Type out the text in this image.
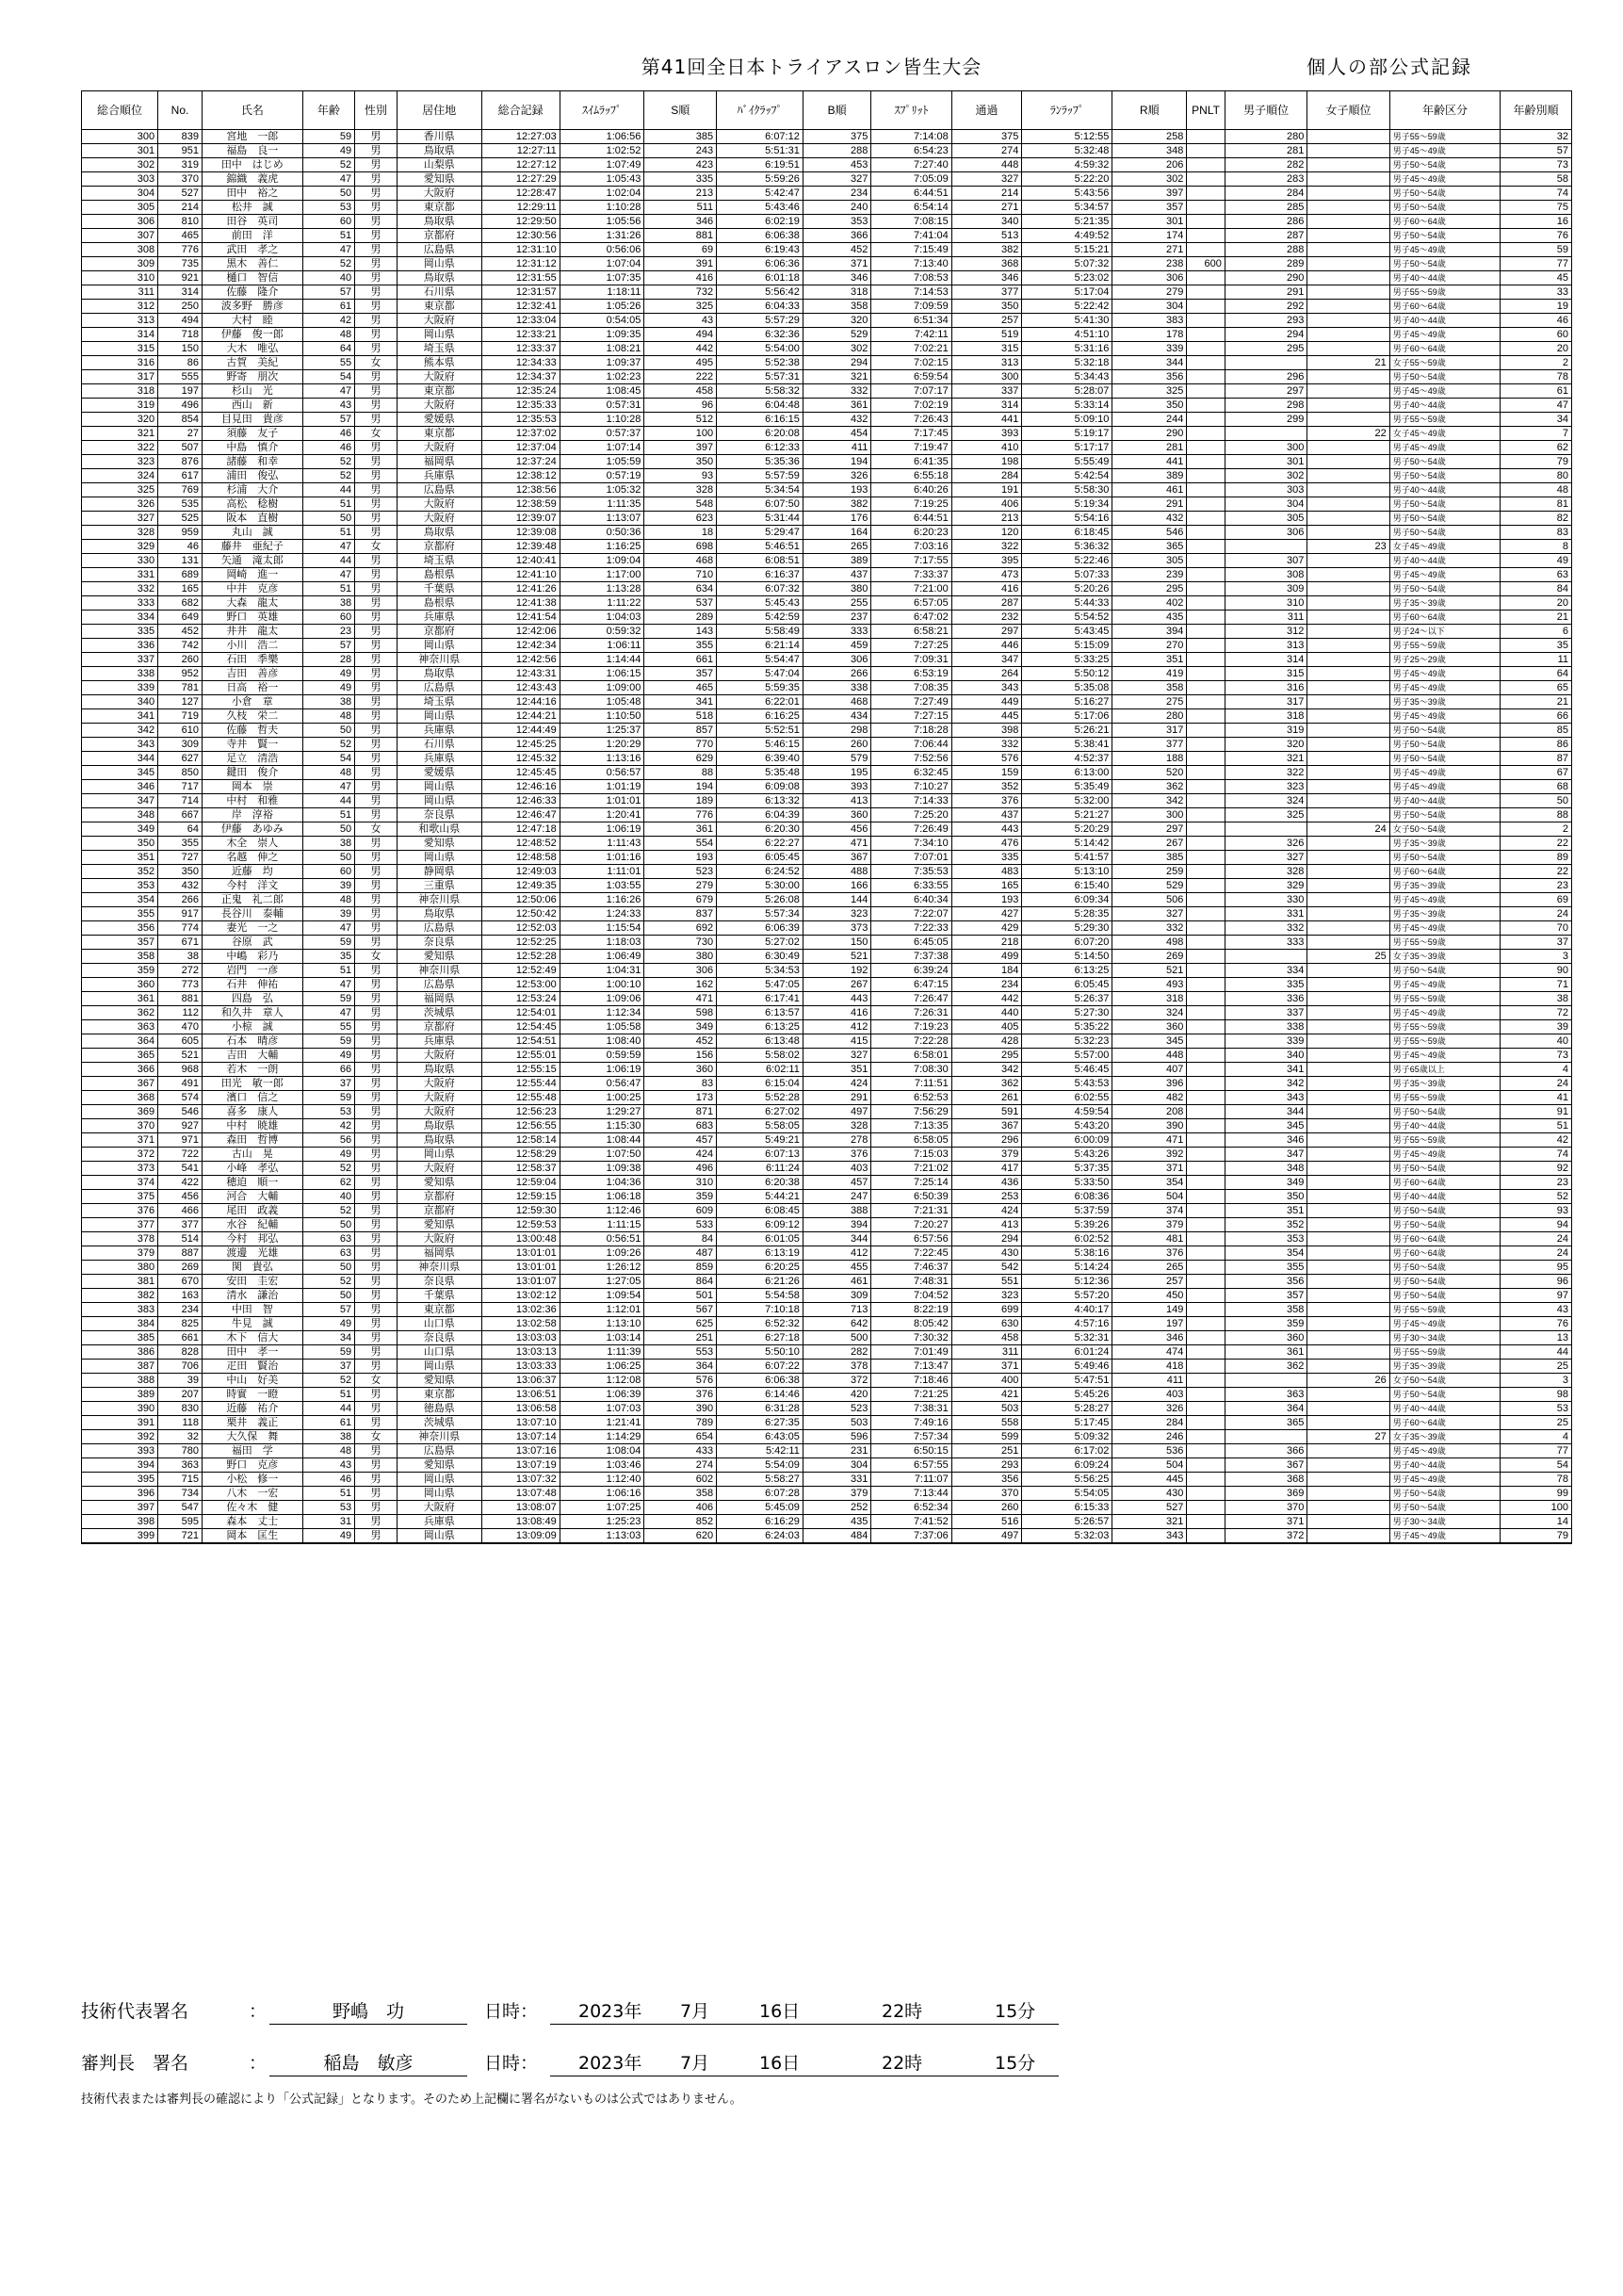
第41回全日本トライアスロン皆生大会	個人の部公式記録
総合順位	No.	氏名	年齢	性別	居住地	総合記録	ｽｲﾑﾗｯﾌﾟ	S順	ﾊﾞｲｸﾗｯﾌﾟ	B順	ｽﾌﾟﾘｯﾄ	通過	ﾗﾝﾗｯﾌﾟ	R順	PNLT	男子順位	女子順位	年齢区分	年齢別順
300	839	宮地　一郎	59	男	香川県	12:27:03	1:06:56	385	6:07:12	375	7:14:08	375	5:12:55	258		280		男子55〜59歳	32
301	951	福島　良一	49	男	鳥取県	12:27:11	1:02:52	243	5:51:31	288	6:54:23	274	5:32:48	348		281		男子45〜49歳	57
302	319	田中　はじめ	52	男	山梨県	12:27:12	1:07:49	423	6:19:51	453	7:27:40	448	4:59:32	206		282		男子50〜54歳	73
303	370	錦織　義虎	47	男	愛知県	12:27:29	1:05:43	335	5:59:26	327	7:05:09	327	5:22:20	302		283		男子45〜49歳	58
304	527	田中　裕之	50	男	大阪府	12:28:47	1:02:04	213	5:42:47	234	6:44:51	214	5:43:56	397		284		男子50〜54歳	74
305	214	松井　誠	53	男	東京都	12:29:11	1:10:28	511	5:43:46	240	6:54:14	271	5:34:57	357		285		男子50〜54歳	75
306	810	田谷　英司	60	男	鳥取県	12:29:50	1:05:56	346	6:02:19	353	7:08:15	340	5:21:35	301		286		男子60〜64歳	16
307	465	前田　洋	51	男	京都府	12:30:56	1:31:26	881	6:06:38	366	7:41:04	513	4:49:52	174		287		男子50〜54歳	76
308	776	武田　孝之	47	男	広島県	12:31:10	0:56:06	69	6:19:43	452	7:15:49	382	5:15:21	271		288		男子45〜49歳	59
309	735	黒木　善仁	52	男	岡山県	12:31:12	1:07:04	391	6:06:36	371	7:13:40	368	5:07:32	238	600	289		男子50〜54歳	77
310	921	樋口　智信	40	男	鳥取県	12:31:55	1:07:35	416	6:01:18	346	7:08:53	346	5:23:02	306		290		男子40〜44歳	45
311	314	佐藤　隆介	57	男	石川県	12:31:57	1:18:11	732	5:56:42	318	7:14:53	377	5:17:04	279		291		男子55〜59歳	33
312	250	波多野　勝彦	61	男	東京都	12:32:41	1:05:26	325	6:04:33	358	7:09:59	350	5:22:42	304		292		男子60〜64歳	19
313	494	大村　睦	42	男	大阪府	12:33:04	0:54:05	43	5:57:29	320	6:51:34	257	5:41:30	383		293		男子40〜44歳	46
314	718	伊藤　俊一郎	48	男	岡山県	12:33:21	1:09:35	494	6:32:36	529	7:42:11	519	4:51:10	178		294		男子45〜49歳	60
315	150	大木　唯弘	64	男	埼玉県	12:33:37	1:08:21	442	5:54:00	302	7:02:21	315	5:31:16	339		295		男子60〜64歳	20
316	86	古賀　美紀	55	女	熊本県	12:34:33	1:09:37	495	5:52:38	294	7:02:15	313	5:32:18	344			21	女子55〜59歳	2
317	555	野寄　朋次	54	男	大阪府	12:34:37	1:02:23	222	5:57:31	321	6:59:54	300	5:34:43	356		296		男子50〜54歳	78
318	197	杉山　光	47	男	東京都	12:35:24	1:08:45	458	5:58:32	332	7:07:17	337	5:28:07	325		297		男子45〜49歳	61
319	496	西山　新	43	男	大阪府	12:35:33	0:57:31	96	6:04:48	361	7:02:19	314	5:33:14	350		298		男子40〜44歳	47
320	854	目見田　貴彦	57	男	愛媛県	12:35:53	1:10:28	512	6:16:15	432	7:26:43	441	5:09:10	244		299		男子55〜59歳	34
321	27	須藤　友子	46	女	東京都	12:37:02	0:57:37	100	6:20:08	454	7:17:45	393	5:19:17	290			22	女子45〜49歳	7
322	507	中島　慎介	46	男	大阪府	12:37:04	1:07:14	397	6:12:33	411	7:19:47	410	5:17:17	281		300		男子45〜49歳	62
323	876	諸藤　和幸	52	男	福岡県	12:37:24	1:05:59	350	5:35:36	194	6:41:35	198	5:55:49	441		301		男子50〜54歳	79
324	617	浦田　俊弘	52	男	兵庫県	12:38:12	0:57:19	93	5:57:59	326	6:55:18	284	5:42:54	389		302		男子50〜54歳	80
325	769	杉浦　大介	44	男	広島県	12:38:56	1:05:32	328	5:34:54	193	6:40:26	191	5:58:30	461		303		男子40〜44歳	48
326	535	高松　稔樹	51	男	大阪府	12:38:59	1:11:35	548	6:07:50	382	7:19:25	406	5:19:34	291		304		男子50〜54歳	81
327	525	阪本　直樹	50	男	大阪府	12:39:07	1:13:07	623	5:31:44	176	6:44:51	213	5:54:16	432		305		男子50〜54歳	82
328	959	丸山　誠	51	男	鳥取県	12:39:08	0:50:36	18	5:29:47	164	6:20:23	120	6:18:45	546		306		男子50〜54歳	83
329	46	藤井　亜紀子	47	女	京都府	12:39:48	1:16:25	698	5:46:51	265	7:03:16	322	5:36:32	365			23	女子45〜49歳	8
330	131	矢通　滝太郎	44	男	埼玉県	12:40:41	1:09:04	468	6:08:51	389	7:17:55	395	5:22:46	305		307		男子40〜44歳	49
331	689	岡崎　進一	47	男	島根県	12:41:10	1:17:00	710	6:16:37	437	7:33:37	473	5:07:33	239		308		男子45〜49歳	63
332	165	中井　克彦	51	男	千葉県	12:41:26	1:13:28	634	6:07:32	380	7:21:00	416	5:20:26	295		309		男子50〜54歳	84
333	682	大森　龍太	38	男	島根県	12:41:38	1:11:22	537	5:45:43	255	6:57:05	287	5:44:33	402		310		男子35〜39歳	20
334	649	野口　英雄	60	男	兵庫県	12:41:54	1:04:03	289	5:42:59	237	6:47:02	232	5:54:52	435		311		男子60〜64歳	21
335	452	井井　龍太	23	男	京都府	12:42:06	0:59:32	143	5:58:49	333	6:58:21	297	5:43:45	394		312		男子24〜以下	6
336	742	小川　浩二	57	男	岡山県	12:42:34	1:06:11	355	6:21:14	459	7:27:25	446	5:15:09	270		313		男子55〜59歳	35
337	260	石田　季樂	28	男	神奈川県	12:42:56	1:14:44	661	5:54:47	306	7:09:31	347	5:33:25	351		314		男子25〜29歳	11
338	952	吉田　善彦	49	男	鳥取県	12:43:31	1:06:15	357	5:47:04	266	6:53:19	264	5:50:12	419		315		男子45〜49歳	64
339	781	日高　裕一	49	男	広島県	12:43:43	1:09:00	465	5:59:35	338	7:08:35	343	5:35:08	358		316		男子45〜49歳	65
340	127	小倉　章	38	男	埼玉県	12:44:16	1:05:48	341	6:22:01	468	7:27:49	449	5:16:27	275		317		男子35〜39歳	21
341	719	久枝　栄二	48	男	岡山県	12:44:21	1:10:50	518	6:16:25	434	7:27:15	445	5:17:06	280		318		男子45〜49歳	66
342	610	佐藤　哲夫	50	男	兵庫県	12:44:49	1:25:37	857	5:52:51	298	7:18:28	398	5:26:21	317		319		男子50〜54歳	85
343	309	寺井　賢一	52	男	石川県	12:45:25	1:20:29	770	5:46:15	260	7:06:44	332	5:38:41	377		320		男子50〜54歳	86
344	627	足立　清浩	54	男	兵庫県	12:45:32	1:13:16	629	6:39:40	579	7:52:56	576	4:52:37	188		321		男子50〜54歳	87
345	850	鍵田　俊介	48	男	愛媛県	12:45:45	0:56:57	88	5:35:48	195	6:32:45	159	6:13:00	520		322		男子45〜49歳	67
346	717	岡本　崇	47	男	岡山県	12:46:16	1:01:19	194	6:09:08	393	7:10:27	352	5:35:49	362		323		男子45〜49歳	68
347	714	中村　和雅	44	男	岡山県	12:46:33	1:01:01	189	6:13:32	413	7:14:33	376	5:32:00	342		324		男子40〜44歳	50
348	667	岸　淳裕	51	男	奈良県	12:46:47	1:20:41	776	6:04:39	360	7:25:20	437	5:21:27	300		325		男子50〜54歳	88
349	64	伊藤　あゆみ	50	女	和歌山県	12:47:18	1:06:19	361	6:20:30	456	7:26:49	443	5:20:29	297			24	女子50〜54歳	2
350	355	木全　崇人	38	男	愛知県	12:48:52	1:11:43	554	6:22:27	471	7:34:10	476	5:14:42	267		326		男子35〜39歳	22
351	727	名越　伸之	50	男	岡山県	12:48:58	1:01:16	193	6:05:45	367	7:07:01	335	5:41:57	385		327		男子50〜54歳	89
352	350	近藤　均	60	男	静岡県	12:49:03	1:11:01	523	6:24:52	488	7:35:53	483	5:13:10	259		328		男子60〜64歳	22
353	432	今村　洋文	39	男	三重県	12:49:35	1:03:55	279	5:30:00	166	6:33:55	165	6:15:40	529		329		男子35〜39歳	23
354	266	正鬼　礼二郎	48	男	神奈川県	12:50:06	1:16:26	679	5:26:08	144	6:40:34	193	6:09:34	506		330		男子45〜49歳	69
355	917	長谷川　泰輔	39	男	鳥取県	12:50:42	1:24:33	837	5:57:34	323	7:22:07	427	5:28:35	327		331		男子35〜39歳	24
356	774	妻光　一之	47	男	広島県	12:52:03	1:15:54	692	6:06:39	373	7:22:33	429	5:29:30	332		332		男子45〜49歳	70
357	671	谷原　武	59	男	奈良県	12:52:25	1:18:03	730	5:27:02	150	6:45:05	218	6:07:20	498		333		男子55〜59歳	37
358	38	中嶋　彩乃	35	女	愛知県	12:52:28	1:06:49	380	6:30:49	521	7:37:38	499	5:14:50	269			25	女子35〜39歳	3
359	272	岩門　一彦	51	男	神奈川県	12:52:49	1:04:31	306	5:34:53	192	6:39:24	184	6:13:25	521		334		男子50〜54歳	90
360	773	石井　伸祐	47	男	広島県	12:53:00	1:00:10	162	5:47:05	267	6:47:15	234	6:05:45	493		335		男子45〜49歳	71
361	881	四島　弘	59	男	福岡県	12:53:24	1:09:06	471	6:17:41	443	7:26:47	442	5:26:37	318		336		男子55〜59歳	38
362	112	和久井　章人	47	男	茨城県	12:54:01	1:12:34	598	6:13:57	416	7:26:31	440	5:27:30	324		337		男子45〜49歳	72
363	470	小椋　誠	55	男	京都府	12:54:45	1:05:58	349	6:13:25	412	7:19:23	405	5:35:22	360		338		男子55〜59歳	39
364	605	石本　晴彦	59	男	兵庫県	12:54:51	1:08:40	452	6:13:48	415	7:22:28	428	5:32:23	345		339		男子55〜59歳	40
365	521	吉田　大輔	49	男	大阪府	12:55:01	0:59:59	156	5:58:02	327	6:58:01	295	5:57:00	448		340		男子45〜49歳	73
366	968	若木　一朗	66	男	鳥取県	12:55:15	1:06:19	360	6:02:11	351	7:08:30	342	5:46:45	407		341		男子65歳以上	4
367	491	田光　敏一郎	37	男	大阪府	12:55:44	0:56:47	83	6:15:04	424	7:11:51	362	5:43:53	396		342		男子35〜39歳	24
368	574	濱口　信之	59	男	大阪府	12:55:48	1:00:25	173	5:52:28	291	6:52:53	261	6:02:55	482		343		男子55〜59歳	41
369	546	喜多　康人	53	男	大阪府	12:56:23	1:29:27	871	6:27:02	497	7:56:29	591	4:59:54	208		344		男子50〜54歳	91
370	927	中村　暁雄	42	男	鳥取県	12:56:55	1:15:30	683	5:58:05	328	7:13:35	367	5:43:20	390		345		男子40〜44歳	51
371	971	森田　哲博	56	男	鳥取県	12:58:14	1:08:44	457	5:49:21	278	6:58:05	296	6:00:09	471		346		男子55〜59歳	42
372	722	古山　晃	49	男	岡山県	12:58:29	1:07:50	424	6:07:13	376	7:15:03	379	5:43:26	392		347		男子45〜49歳	74
373	541	小峰　孝弘	52	男	大阪府	12:58:37	1:09:38	496	6:11:24	403	7:21:02	417	5:37:35	371		348		男子50〜54歳	92
374	422	穂迫　順一	62	男	愛知県	12:59:04	1:04:36	310	6:20:38	457	7:25:14	436	5:33:50	354		349		男子60〜64歳	23
375	456	河合　大輔	40	男	京都府	12:59:15	1:06:18	359	5:44:21	247	6:50:39	253	6:08:36	504		350		男子40〜44歳	52
376	466	尾田　政義	52	男	京都府	12:59:30	1:12:46	609	6:08:45	388	7:21:31	424	5:37:59	374		351		男子50〜54歳	93
377	377	水谷　紀輔	50	男	愛知県	12:59:53	1:11:15	533	6:09:12	394	7:20:27	413	5:39:26	379		352		男子50〜54歳	94
378	514	今村　邦弘	63	男	大阪府	13:00:48	0:56:51	84	6:01:05	344	6:57:56	294	6:02:52	481		353		男子60〜64歳	24
379	887	渡邊　光雄	63	男	福岡県	13:01:01	1:09:26	487	6:13:19	412	7:22:45	430	5:38:16	376		354		男子60〜64歳	24
380	269	関　貴弘	50	男	神奈川県	13:01:01	1:26:12	859	6:20:25	455	7:46:37	542	5:14:24	265		355		男子50〜54歳	95
381	670	安田　圭宏	52	男	奈良県	13:01:07	1:27:05	864	6:21:26	461	7:48:31	551	5:12:36	257		356		男子50〜54歳	96
382	163	清水　謙治	50	男	千葉県	13:02:12	1:09:54	501	5:54:58	309	7:04:52	323	5:57:20	450		357		男子50〜54歳	97
383	234	中田　智	57	男	東京都	13:02:36	1:12:01	567	7:10:18	713	8:22:19	699	4:40:17	149		358		男子55〜59歳	43
384	825	牛見　誠	49	男	山口県	13:02:58	1:13:10	625	6:52:32	642	8:05:42	630	4:57:16	197		359		男子45〜49歳	76
385	661	木下　信大	34	男	奈良県	13:03:03	1:03:14	251	6:27:18	500	7:30:32	458	5:32:31	346		360		男子30〜34歳	13
386	828	田中　孝一	59	男	山口県	13:03:13	1:11:39	553	5:50:10	282	7:01:49	311	6:01:24	474		361		男子55〜59歳	44
387	706	疋田　賢治	37	男	岡山県	13:03:33	1:06:25	364	6:07:22	378	7:13:47	371	5:49:46	418		362		男子35〜39歳	25
388	39	中山　好美	52	女	愛知県	13:06:37	1:12:08	576	6:06:38	372	7:18:46	400	5:47:51	411			26	女子50〜54歳	3
389	207	時實　一瞪	51	男	東京都	13:06:51	1:06:39	376	6:14:46	420	7:21:25	421	5:45:26	403		363		男子50〜54歳	98
390	830	近藤　祐介	44	男	徳島県	13:06:58	1:07:03	390	6:31:28	523	7:38:31	503	5:28:27	326		364		男子40〜44歳	53
391	118	栗井　義正	61	男	茨城県	13:07:10	1:21:41	789	6:27:35	503	7:49:16	558	5:17:45	284		365		男子60〜64歳	25
392	32	大久保　舞	38	女	神奈川県	13:07:14	1:14:29	654	6:43:05	596	7:57:34	599	5:09:32	246			27	女子35〜39歳	4
393	780	福田　学	48	男	広島県	13:07:16	1:08:04	433	5:42:11	231	6:50:15	251	6:17:02	536		366		男子45〜49歳	77
394	363	野口　克彦	43	男	愛知県	13:07:19	1:03:46	274	5:54:09	304	6:57:55	293	6:09:24	504		367		男子40〜44歳	54
395	715	小松　修一	46	男	岡山県	13:07:32	1:12:40	602	5:58:27	331	7:11:07	356	5:56:25	445		368		男子45〜49歳	78
396	734	八木　一宏	51	男	岡山県	13:07:48	1:06:16	358	6:07:28	379	7:13:44	370	5:54:05	430		369		男子50〜54歳	99
397	547	佐々木　健	53	男	大阪府	13:08:07	1:07:25	406	5:45:09	252	6:52:34	260	6:15:33	527		370		男子50〜54歳	100
398	595	森本　丈士	31	男	兵庫県	13:08:49	1:25:23	852	6:16:29	435	7:41:52	516	5:26:57	321		371		男子30〜34歳	14
399	721	岡本　匡生	49	男	岡山県	13:09:09	1:13:03	620	6:24:03	484	7:37:06	497	5:32:03	343		372		男子45〜49歳	79
技術代表署名	：	野嶋　功	日時： 2023年 7月	16日	22時	15分
審判長　署名	：	稲島　敏彦	日時： 2023年 7月	16日	22時	15分
技術代表または審判長の確認により「公式記録」となります。そのため上記欄に署名がないものは公式ではありません。
